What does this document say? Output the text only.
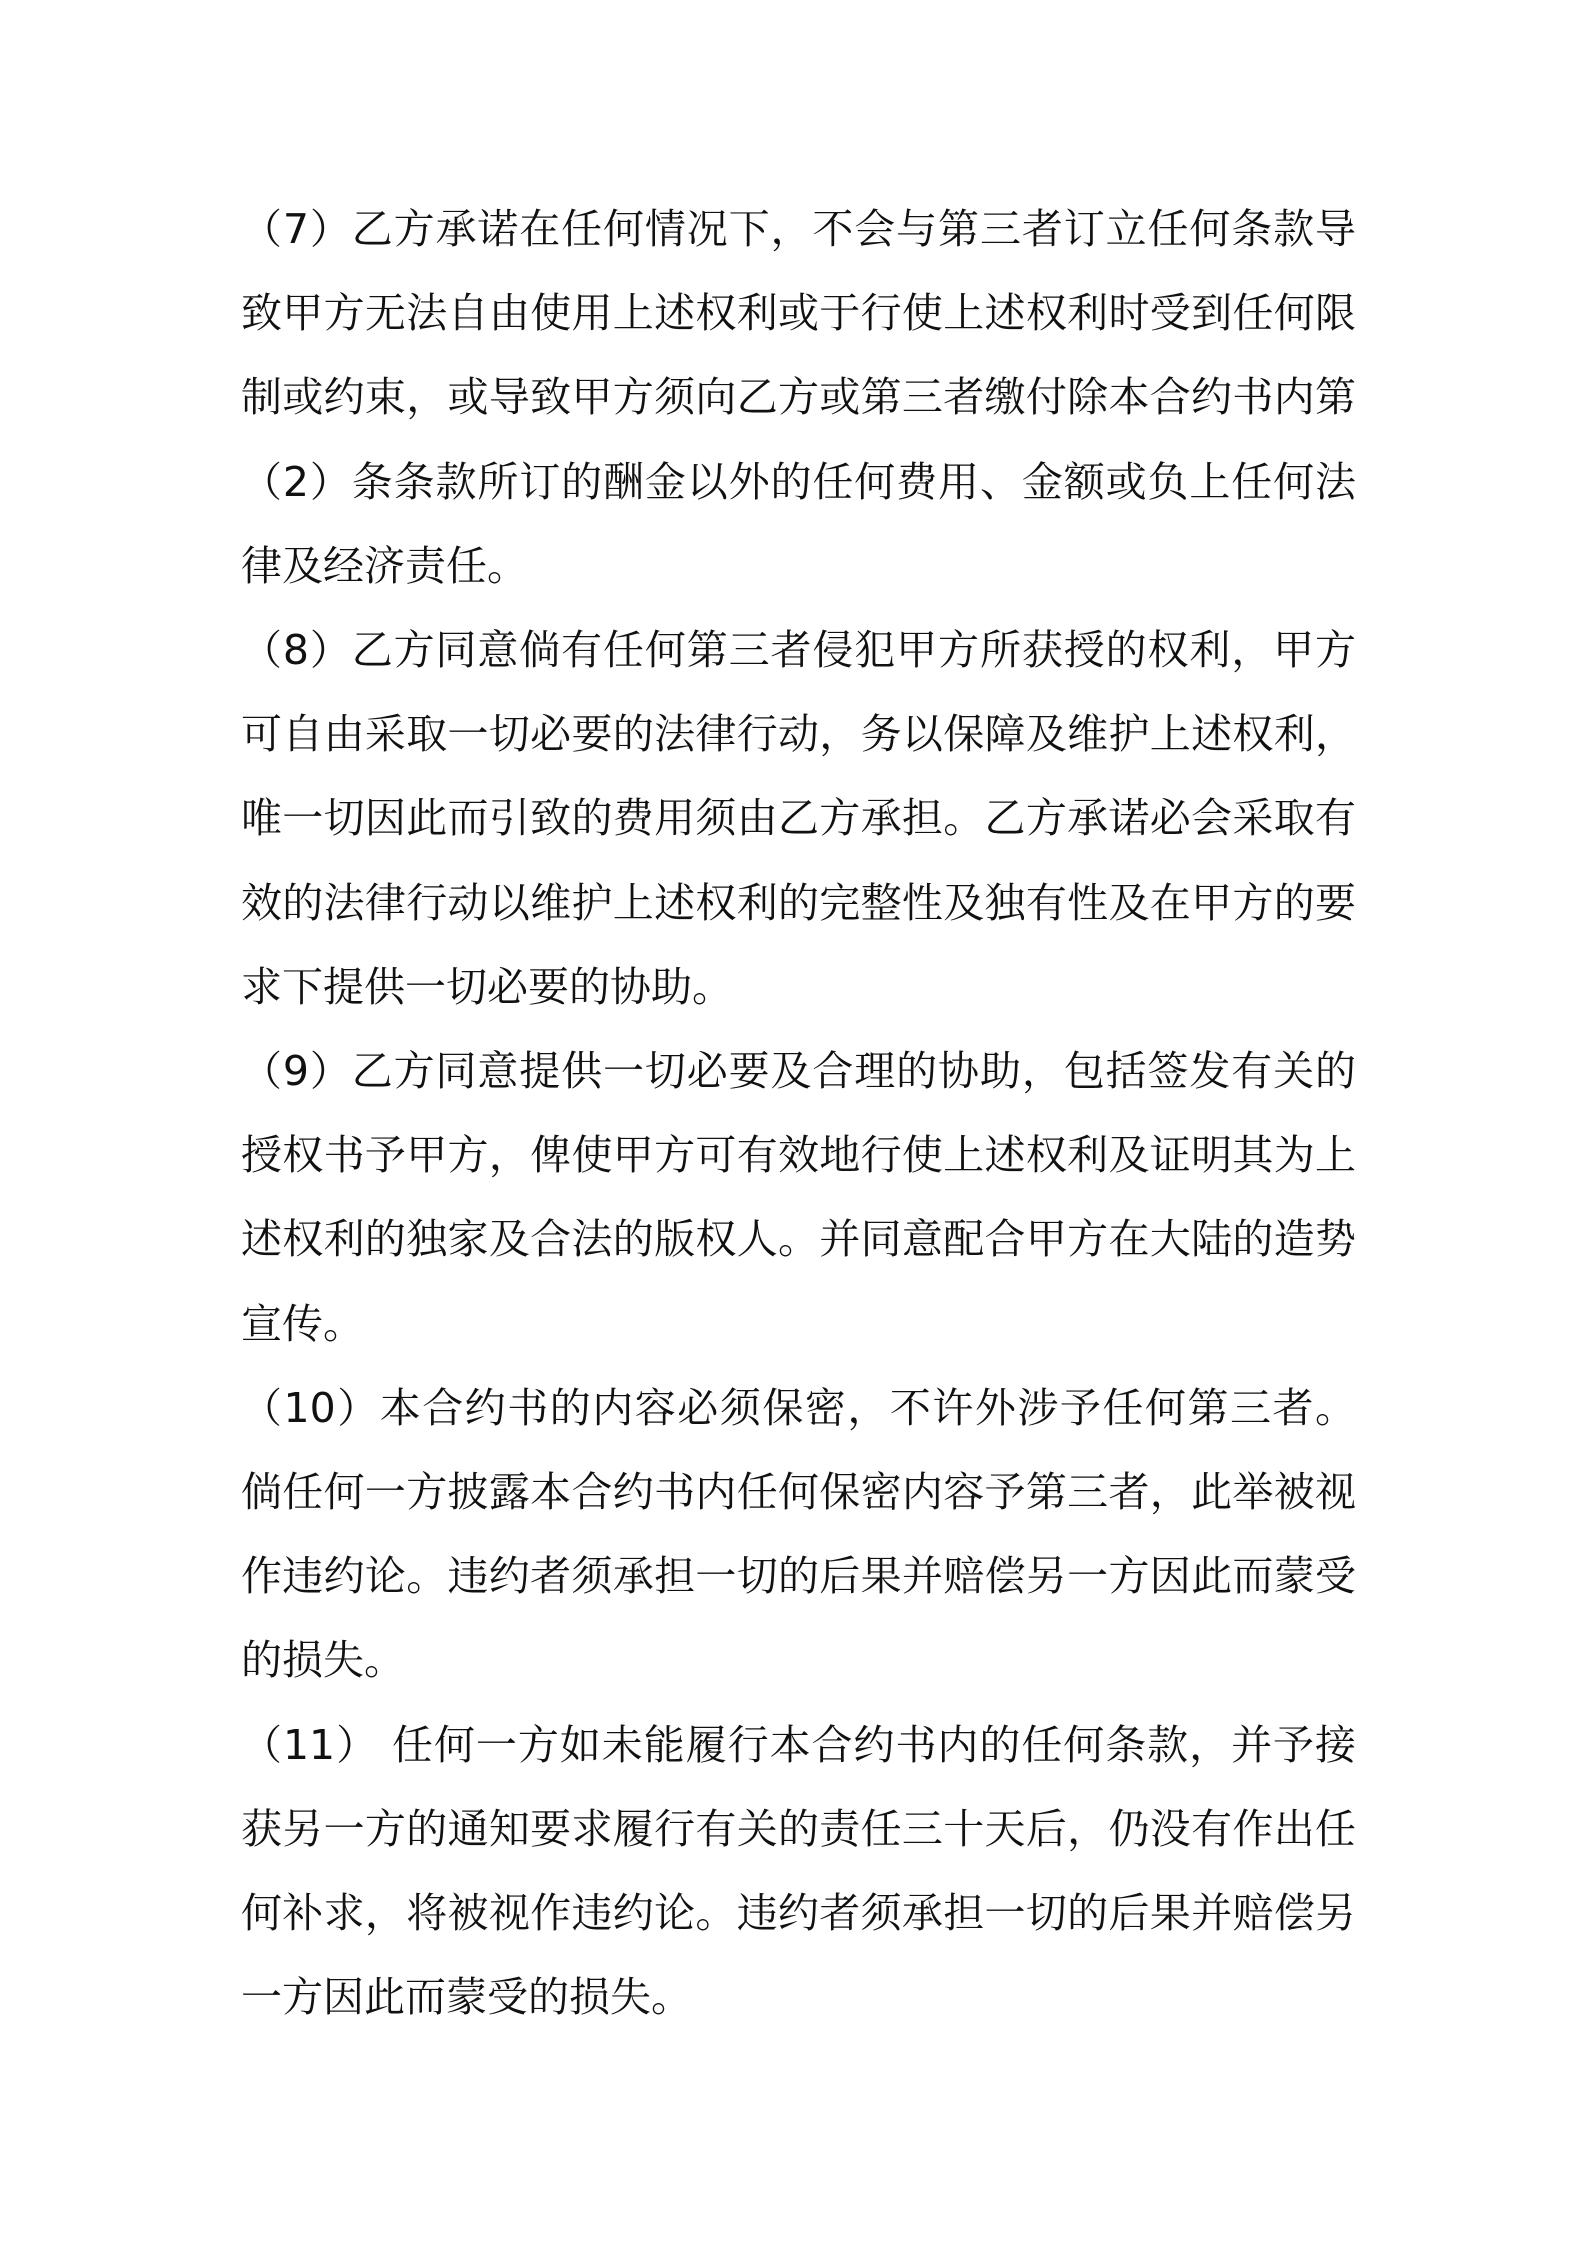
（7）乙方承诺在任何情况下，不会与第三者订立任何条款导致甲方无法自由使用上述权利或于行使上述权利时受到任何限制或约束，或导致甲方须向乙方或第三者缴付除本合约书内第（2）条条款所订的酬金以外的任何费用、金额或负上任何法律及经济责任。

（8）乙方同意倘有任何第三者侵犯甲方所获授的权利，甲方可自由采取一切必要的法律行动，务以保障及维护上述权利，唯一切因此而引致的费用须由乙方承担。乙方承诺必会采取有效的法律行动以维护上述权利的完整性及独有性及在甲方的要求下提供一切必要的协助。

（9）乙方同意提供一切必要及合理的协助，包括签发有关的授权书予甲方，俾使甲方可有效地行使上述权利及证明其为上述权利的独家及合法的版权人。并同意配合甲方在大陆的造势宣传。

（10）本合约书的内容必须保密，不许外涉予任何第三者。倘任何一方披露本合约书内任何保密内容予第三者，此举被视作违约论。违约者须承担一切的后果并赔偿另一方因此而蒙受的损失。

（11） 任何一方如未能履行本合约书内的任何条款，并予接获另一方的通知要求履行有关的责任三十天后，仍没有作出任何补求，将被视作违约论。违约者须承担一切的后果并赔偿另一方因此而蒙受的损失。
